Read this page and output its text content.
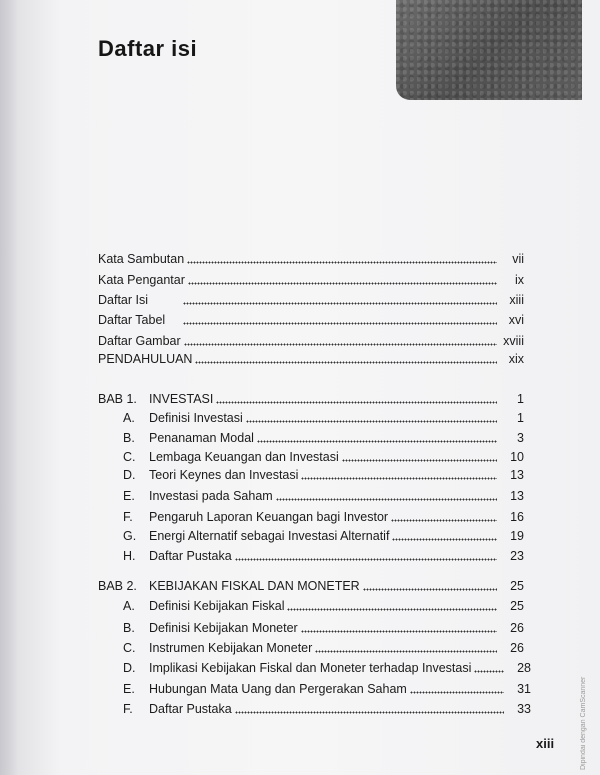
Daftar isi
Kata Sambutan	vii
Kata Pengantar	ix
Daftar Isi	xiii
Daftar Tabel	xvi
Daftar Gambar	xviii
PENDAHULUAN	xix
BAB 1. INVESTASI	1
A.	Definisi Investasi	1
B.	Penanaman Modal	3
C.	Lembaga Keuangan dan Investasi	10
D.	Teori Keynes dan Investasi	13
E.	Investasi pada Saham	13
F.	Pengaruh Laporan Keuangan bagi Investor	16
G.	Energi Alternatif sebagai Investasi Alternatif	19
H.	Daftar Pustaka	23
BAB 2. KEBIJAKAN FISKAL DAN MONETER	25
A.	Definisi Kebijakan Fiskal	25
B.	Definisi Kebijakan Moneter	26
C.	Instrumen Kebijakan Moneter	26
D.	Implikasi Kebijakan Fiskal dan Moneter terhadap Investasi	28
E.	Hubungan Mata Uang dan Pergerakan Saham	31
F.	Daftar Pustaka	33
xiii	Dipindai dengan CamScanner
